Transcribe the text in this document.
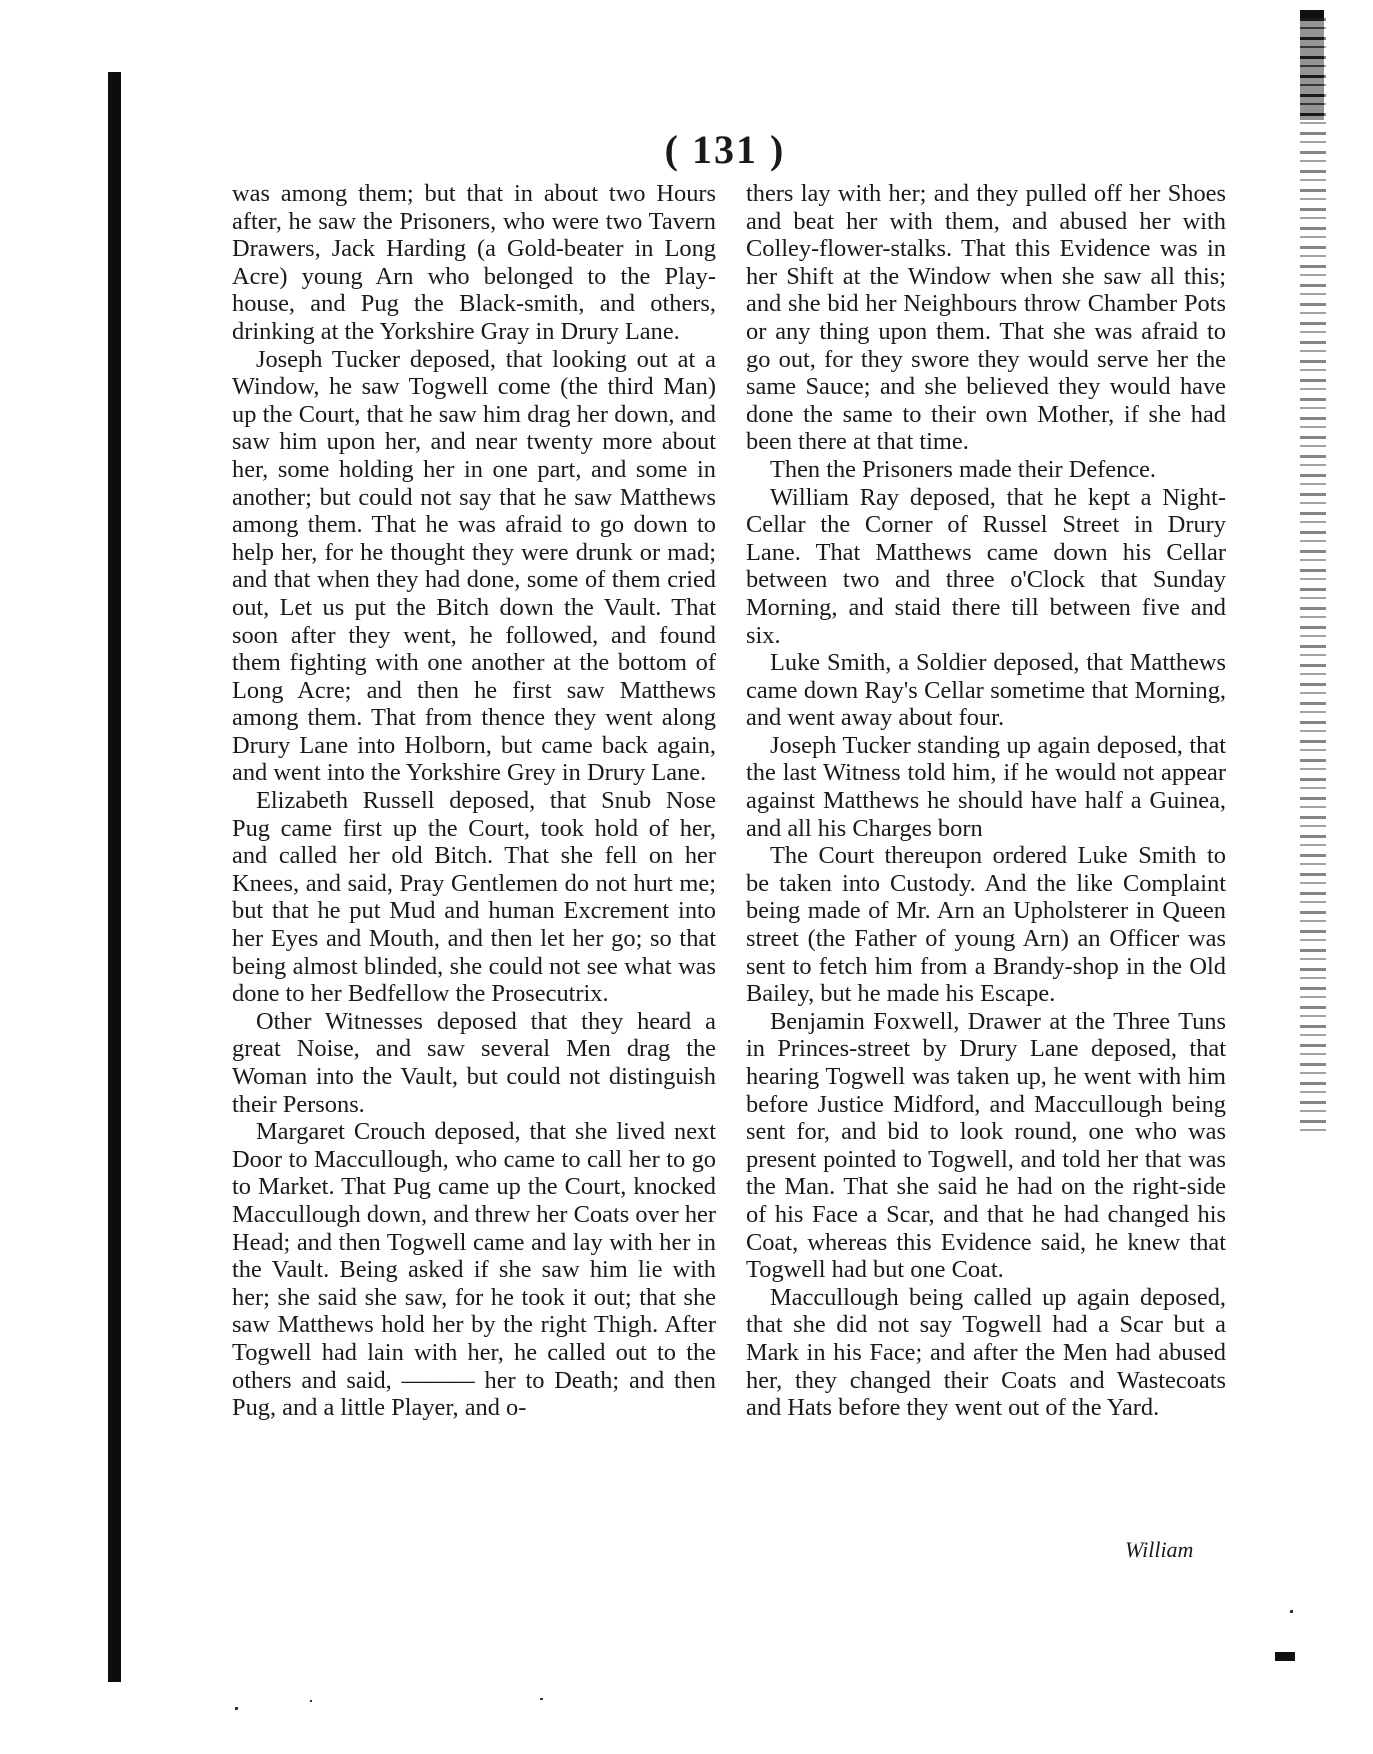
( 131 )

was among them; but that in about two Hours after, he saw the Prisoners, who were two Tavern Drawers, Jack Harding (a Gold-beater in Long Acre) young Arn who belonged to the Play-house, and Pug the Black-smith, and others, drinking at the Yorkshire Gray in Drury Lane.

Joseph Tucker deposed, that looking out at a Window, he saw Togwell come (the third Man) up the Court, that he saw him drag her down, and saw him upon her, and near twenty more about her, some holding her in one part, and some in another; but could not say that he saw Matthews among them. That he was afraid to go down to help her, for he thought they were drunk or mad; and that when they had done, some of them cried out, Let us put the Bitch down the Vault. That soon after they went, he followed, and found them fighting with one another at the bottom of Long Acre; and then he first saw Matthews among them. That from thence they went along Drury Lane into Holborn, but came back again, and went into the Yorkshire Grey in Drury Lane.

Elizabeth Russell deposed, that Snub Nose Pug came first up the Court, took hold of her, and called her old Bitch. That she fell on her Knees, and said, Pray Gentlemen do not hurt me; but that he put Mud and human Excrement into her Eyes and Mouth, and then let her go; so that being almost blinded, she could not see what was done to her Bedfellow the Prosecutrix.

Other Witnesses deposed that they heard a great Noise, and saw several Men drag the Woman into the Vault, but could not distinguish their Persons.

Margaret Crouch deposed, that she lived next Door to Maccullough, who came to call her to go to Market. That Pug came up the Court, knocked Maccullough down, and threw her Coats over her Head; and then Togwell came and lay with her in the Vault. Being asked if she saw him lie with her; she said she saw, for he took it out; that she saw Matthews hold her by the right Thigh. After Togwell had lain with her, he called out to the others and said, ——— her to Death; and then Pug, and a little Player, and o-

thers lay with her; and they pulled off her Shoes and beat her with them, and abused her with Colley-flower-stalks. That this Evidence was in her Shift at the Window when she saw all this; and she bid her Neighbours throw Chamber Pots or any thing upon them. That she was afraid to go out, for they swore they would serve her the same Sauce; and she believed they would have done the same to their own Mother, if she had been there at that time.

Then the Prisoners made their Defence.

William Ray deposed, that he kept a Night-Cellar the Corner of Russel Street in Drury Lane. That Matthews came down his Cellar between two and three o'Clock that Sunday Morning, and staid there till between five and six.

Luke Smith, a Soldier deposed, that Matthews came down Ray's Cellar sometime that Morning, and went away about four.

Joseph Tucker standing up again deposed, that the last Witness told him, if he would not appear against Matthews he should have half a Guinea, and all his Charges born

The Court thereupon ordered Luke Smith to be taken into Custody. And the like Complaint being made of Mr. Arn an Upholsterer in Queen street (the Father of young Arn) an Officer was sent to fetch him from a Brandy-shop in the Old Bailey, but he made his Escape.

Benjamin Foxwell, Drawer at the Three Tuns in Princes-street by Drury Lane deposed, that hearing Togwell was taken up, he went with him before Justice Midford, and Maccullough being sent for, and bid to look round, one who was present pointed to Togwell, and told her that was the Man. That she said he had on the right-side of his Face a Scar, and that he had changed his Coat, whereas this Evidence said, he knew that Togwell had but one Coat.

Maccullough being called up again deposed, that she did not say Togwell had a Scar but a Mark in his Face; and after the Men had abused her, they changed their Coats and Wastecoats and Hats before they went out of the Yard.

William
